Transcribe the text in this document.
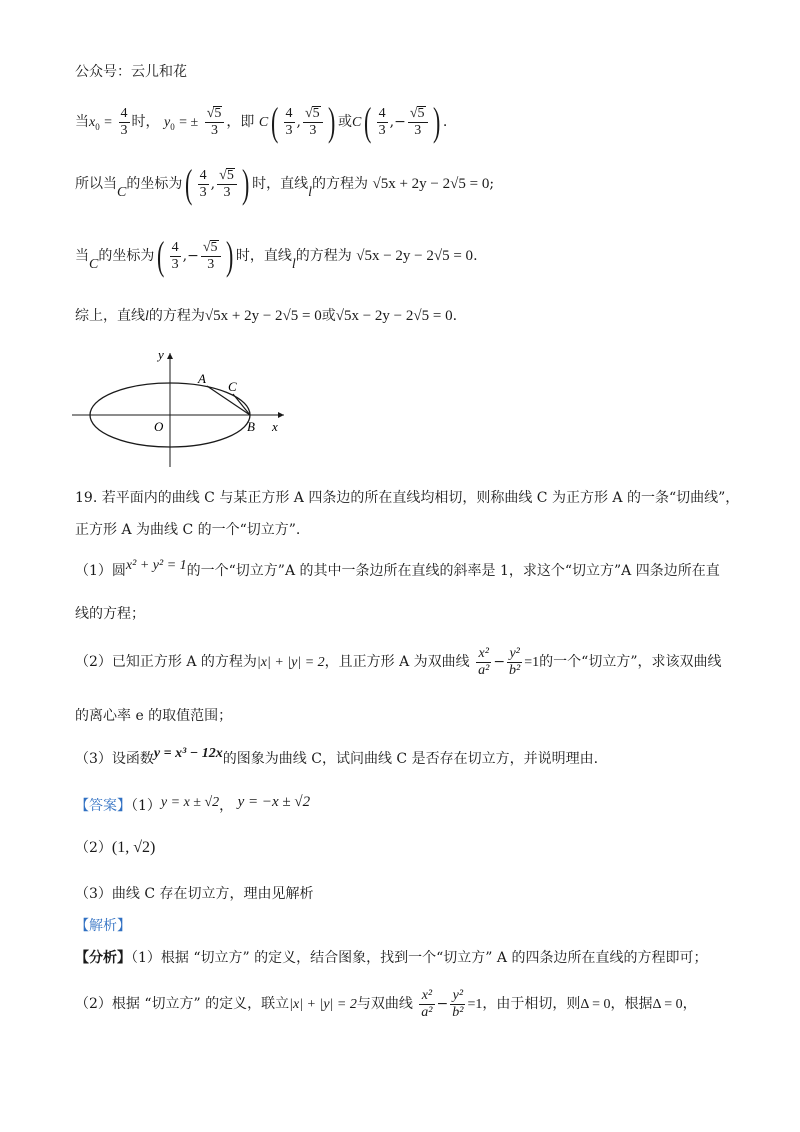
公众号：云儿和花
当$x_0 = \frac{4}{3}$ 时， $y_0$ = ± $\frac{√5}{3}$ ，即 $C( \frac{4}{3}$ , $\frac{√5}{3}$ ) 或$C( \frac{4}{3}$ ,− $\frac{√5}{3}$ ) .
所以当C的坐标为( $\frac{4}{3}$ , $\frac{√5}{3}$ ) 时，直线l的方程为 √5x + 2y − 2√5 = 0;
当C的坐标为( $\frac{4}{3}$ ,− $\frac{√5}{3}$ ) 时，直线l的方程为 √5x − 2y − 2√5 = 0.
综上，直线l的方程为√5x + 2y − 2√5 = 0或√5x − 2y − 2√5 = 0.
y
x
O
A
C
B
19. 若平面内的曲线 C 与某正方形 A 四条边的所在直线均相切，则称曲线 C 为正方形 A 的一条“切曲线”，
正方形 A 为曲线 C 的一个“切立方”.
（1）圆x² + y² = 1的一个“切立方”A 的其中一条边所在直线的斜率是 1，求这个“切立方”A 四条边所在直
线的方程；
（2）已知正方形 A 的方程为|x| + |y| = 2，且正方形 A 为双曲线 $\frac{\text{x²}}{\text{a²}} - \frac{\text{y²}}{\text{b²}} =1$的一个“切立方”，求该双曲线
的离心率 e 的取值范围；
（3）设函数y = x³ − 12x的图象为曲线 C，试问曲线 C 是否存在切立方，并说明理由.
【答案】（1）y = x ± √2， y = −x ± √2
（2）(1, √2)
（3）曲线 C 存在切立方，理由见解析
【解析】
【分析】（1）根据 “切立方” 的定义，结合图象，找到一个“切立方” A 的四条边所在直线的方程即可；
（2）根据 “切立方” 的定义，联立|x| + |y| = 2与双曲线 $\frac{\text{x²}}{\text{a²}} - \frac{\text{y²}}{\text{b²}} =1$，由于相切，则Δ = 0，根据Δ = 0，
